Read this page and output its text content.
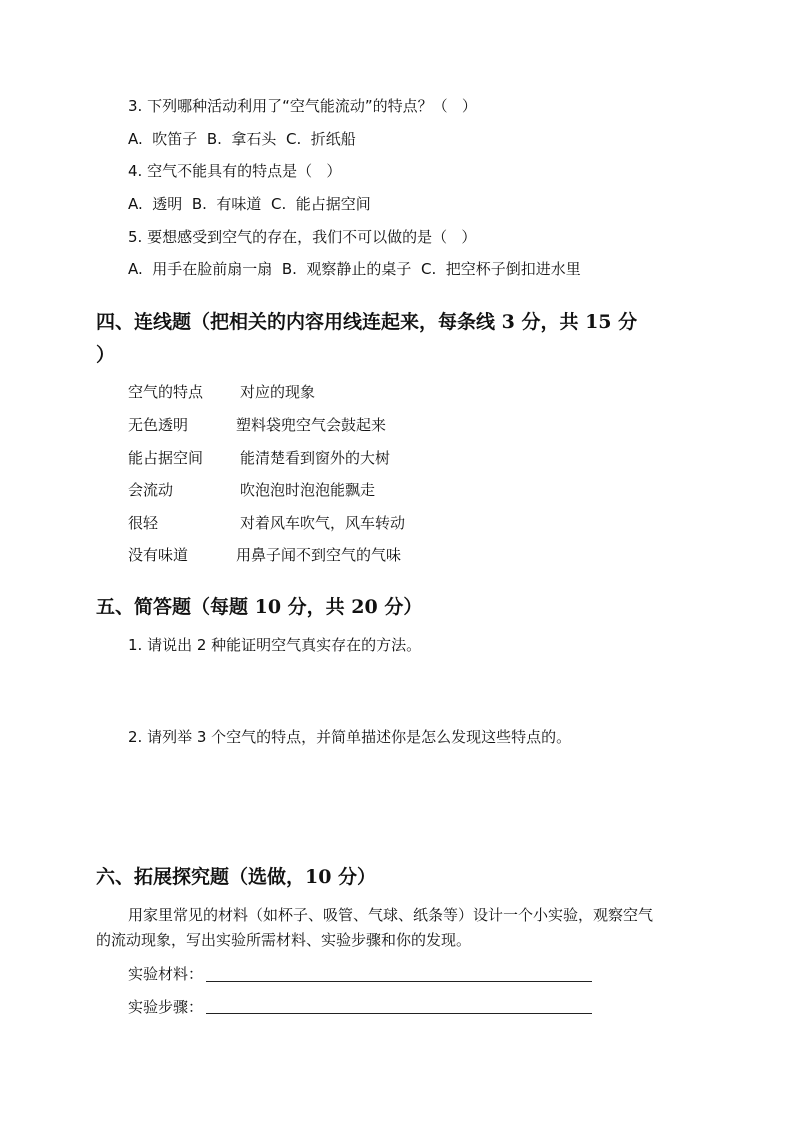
3. 下列哪种活动利用了“空气能流动”的特点？（   ）
A.  吹笛子  B.  拿石头  C.  折纸船
4. 空气不能具有的特点是（   ）
A.  透明  B.  有味道  C.  能占据空间
5. 要想感受到空气的存在，我们不可以做的是（   ）
A.  用手在脸前扇一扇  B.  观察静止的桌子  C.  把空杯子倒扣进水里
四、连线题（把相关的内容用线连起来，每条线 3 分，共 15 分
）
空气的特点
无色透明
能占据空间
会流动
很轻
没有味道
对应的现象
塑料袋兜空气会鼓起来
能清楚看到窗外的大树
吹泡泡时泡泡能飘走
对着风车吹气，风车转动
用鼻子闻不到空气的气味
五、简答题（每题 10 分，共 20 分）
1. 请说出 2 种能证明空气真实存在的方法。
2. 请列举 3 个空气的特点，并简单描述你是怎么发现这些特点的。
六、拓展探究题（选做，10 分）
用家里常见的材料（如杯子、吸管、气球、纸条等）设计一个小实验，观察空气
的流动现象，写出实验所需材料、实验步骤和你的发现。
实验材料：
实验步骤：
